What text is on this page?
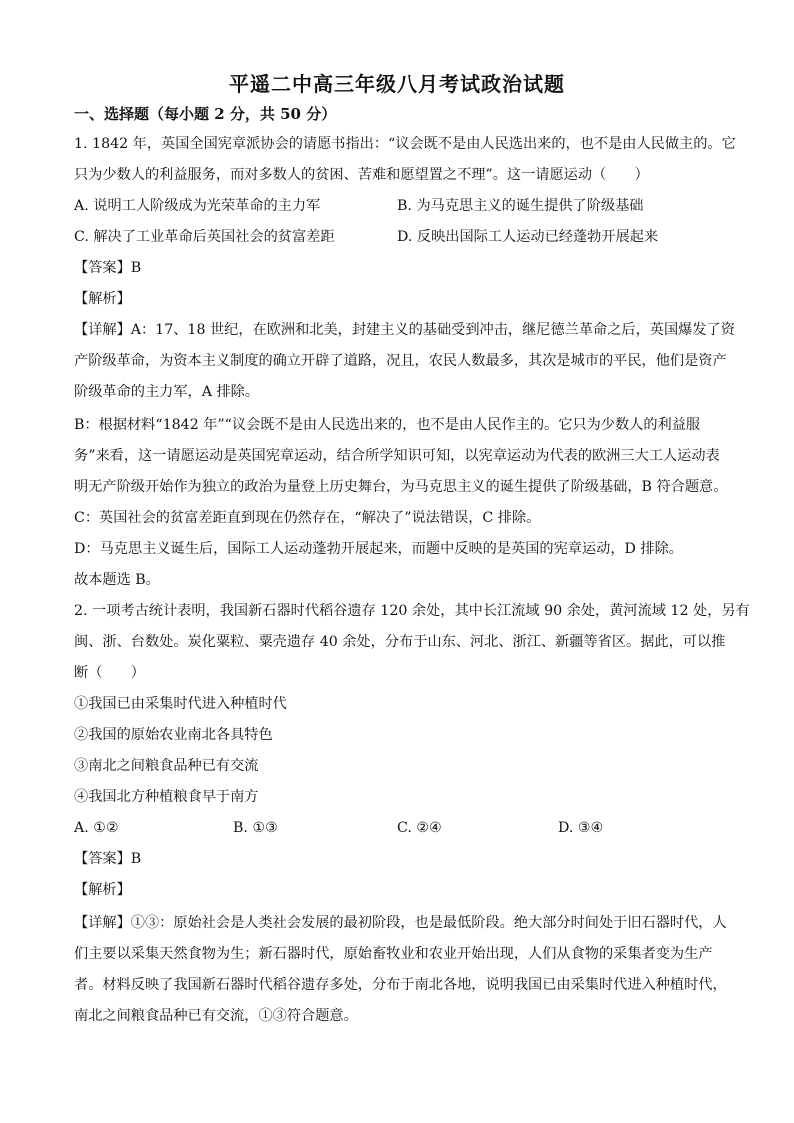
平遥二中高三年级八月考试政治试题
一、选择题（每小题 2 分，共 50 分）
1. 1842 年，英国全国宪章派协会的请愿书指出：“议会既不是由人民选出来的，也不是由人民做主的。它
只为少数人的利益服务，而对多数人的贫困、苦难和愿望置之不理”。这一请愿运动（　　）
A. 说明工人阶级成为光荣革命的主力军	B. 为马克思主义的诞生提供了阶级基础
C. 解决了工业革命后英国社会的贫富差距	D. 反映出国际工人运动已经蓬勃开展起来
【答案】B
【解析】
【详解】A：17、18 世纪，在欧洲和北美，封建主义的基础受到冲击，继尼德兰革命之后，英国爆发了资
产阶级革命，为资本主义制度的确立开辟了道路，况且，农民人数最多，其次是城市的平民，他们是资产
阶级革命的主力军，A 排除。
B：根据材料“1842 年”“议会既不是由人民选出来的，也不是由人民作主的。它只为少数人的利益服
务”来看，这一请愿运动是英国宪章运动，结合所学知识可知，以宪章运动为代表的欧洲三大工人运动表
明无产阶级开始作为独立的政治为量登上历史舞台，为马克思主义的诞生提供了阶级基础，B 符合题意。
C：英国社会的贫富差距直到现在仍然存在，“解决了”说法错误，C 排除。
D：马克思主义诞生后，国际工人运动蓬勃开展起来，而题中反映的是英国的宪章运动，D 排除。
故本题选 B。
2. 一项考古统计表明，我国新石器时代稻谷遗存 120 余处，其中长江流域 90 余处，黄河流域 12 处，另有
闽、浙、台数处。炭化粟粒、粟壳遗存 40 余处，分布于山东、河北、浙江、新疆等省区。据此，可以推
断（　　）
①我国已由采集时代进入种植时代
②我国的原始农业南北各具特色
③南北之间粮食品种已有交流
④我国北方种植粮食早于南方
A. ①②	B. ①③	C. ②④	D. ③④
【答案】B
【解析】
【详解】①③：原始社会是人类社会发展的最初阶段，也是最低阶段。绝大部分时间处于旧石器时代，人
们主要以采集天然食物为生；新石器时代，原始畜牧业和农业开始出现，人们从食物的采集者变为生产
者。材料反映了我国新石器时代稻谷遗存多处，分布于南北各地，说明我国已由采集时代进入种植时代，
南北之间粮食品种已有交流，①③符合题意。
